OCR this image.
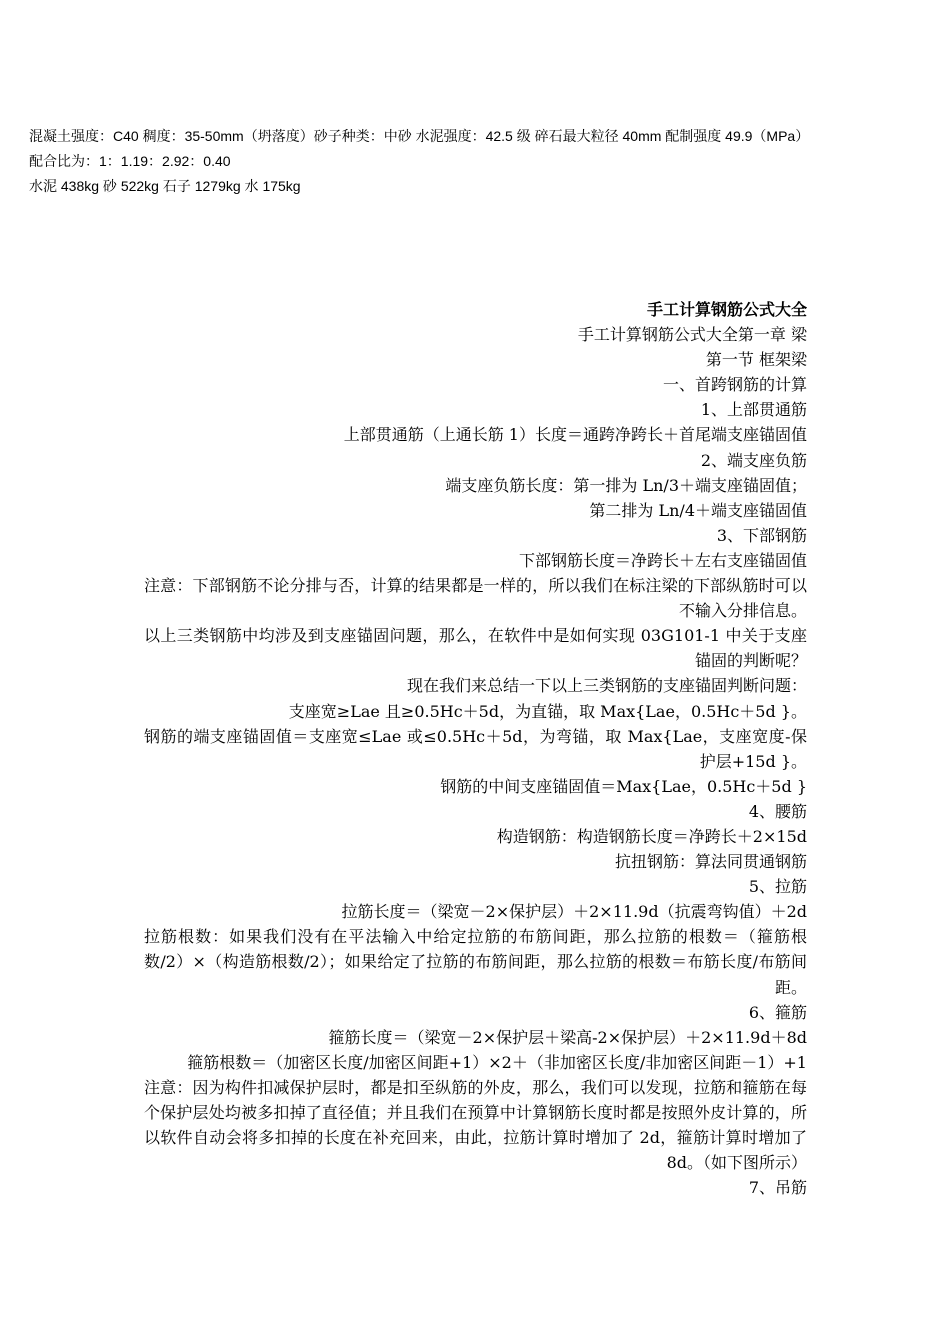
混凝土强度：C40 稠度：35-50mm（坍落度）砂子种类：中砂 水泥强度：42.5 级 碎石最大粒径 40mm 配制强度 49.9（MPa）

配合比为：1：1.19：2.92：0.40

水泥 438kg 砂 522kg 石子 1279kg 水 175kg

手工计算钢筋公式大全

手工计算钢筋公式大全第一章 梁

第一节 框架梁

一、首跨钢筋的计算

1、上部贯通筋

上部贯通筋（上通长筋 1）长度＝通跨净跨长＋首尾端支座锚固值

2、端支座负筋

端支座负筋长度：第一排为 Ln/3＋端支座锚固值；

第二排为 Ln/4＋端支座锚固值

3、下部钢筋

下部钢筋长度＝净跨长＋左右支座锚固值

注意：下部钢筋不论分排与否，计算的结果都是一样的，所以我们在标注梁的下部纵筋时可以不输入分排信息。

以上三类钢筋中均涉及到支座锚固问题，那么，在软件中是如何实现 03G101-1 中关于支座锚固的判断呢？

现在我们来总结一下以上三类钢筋的支座锚固判断问题：

支座宽≥Lae 且≥0.5Hc＋5d，为直锚，取 Max{Lae，0.5Hc＋5d }。

钢筋的端支座锚固值＝支座宽≤Lae 或≤0.5Hc＋5d，为弯锚，取 Max{Lae，支座宽度-保护层+15d }。

钢筋的中间支座锚固值＝Max{Lae，0.5Hc＋5d }

4、腰筋

构造钢筋：构造钢筋长度＝净跨长＋2×15d

抗扭钢筋：算法同贯通钢筋

5、拉筋

拉筋长度＝（梁宽－2×保护层）＋2×11.9d（抗震弯钩值）＋2d

拉筋根数：如果我们没有在平法输入中给定拉筋的布筋间距，那么拉筋的根数＝（箍筋根数/2）×（构造筋根数/2）；如果给定了拉筋的布筋间距，那么拉筋的根数＝布筋长度/布筋间距。

6、箍筋

箍筋长度＝（梁宽－2×保护层＋梁高-2×保护层）＋2×11.9d＋8d

箍筋根数＝（加密区长度/加密区间距+1）×2＋（非加密区长度/非加密区间距－1）+1

注意：因为构件扣减保护层时，都是扣至纵筋的外皮，那么，我们可以发现，拉筋和箍筋在每个保护层处均被多扣掉了直径值；并且我们在预算中计算钢筋长度时都是按照外皮计算的，所以软件自动会将多扣掉的长度在补充回来，由此，拉筋计算时增加了 2d，箍筋计算时增加了 8d。（如下图所示）

7、吊筋
